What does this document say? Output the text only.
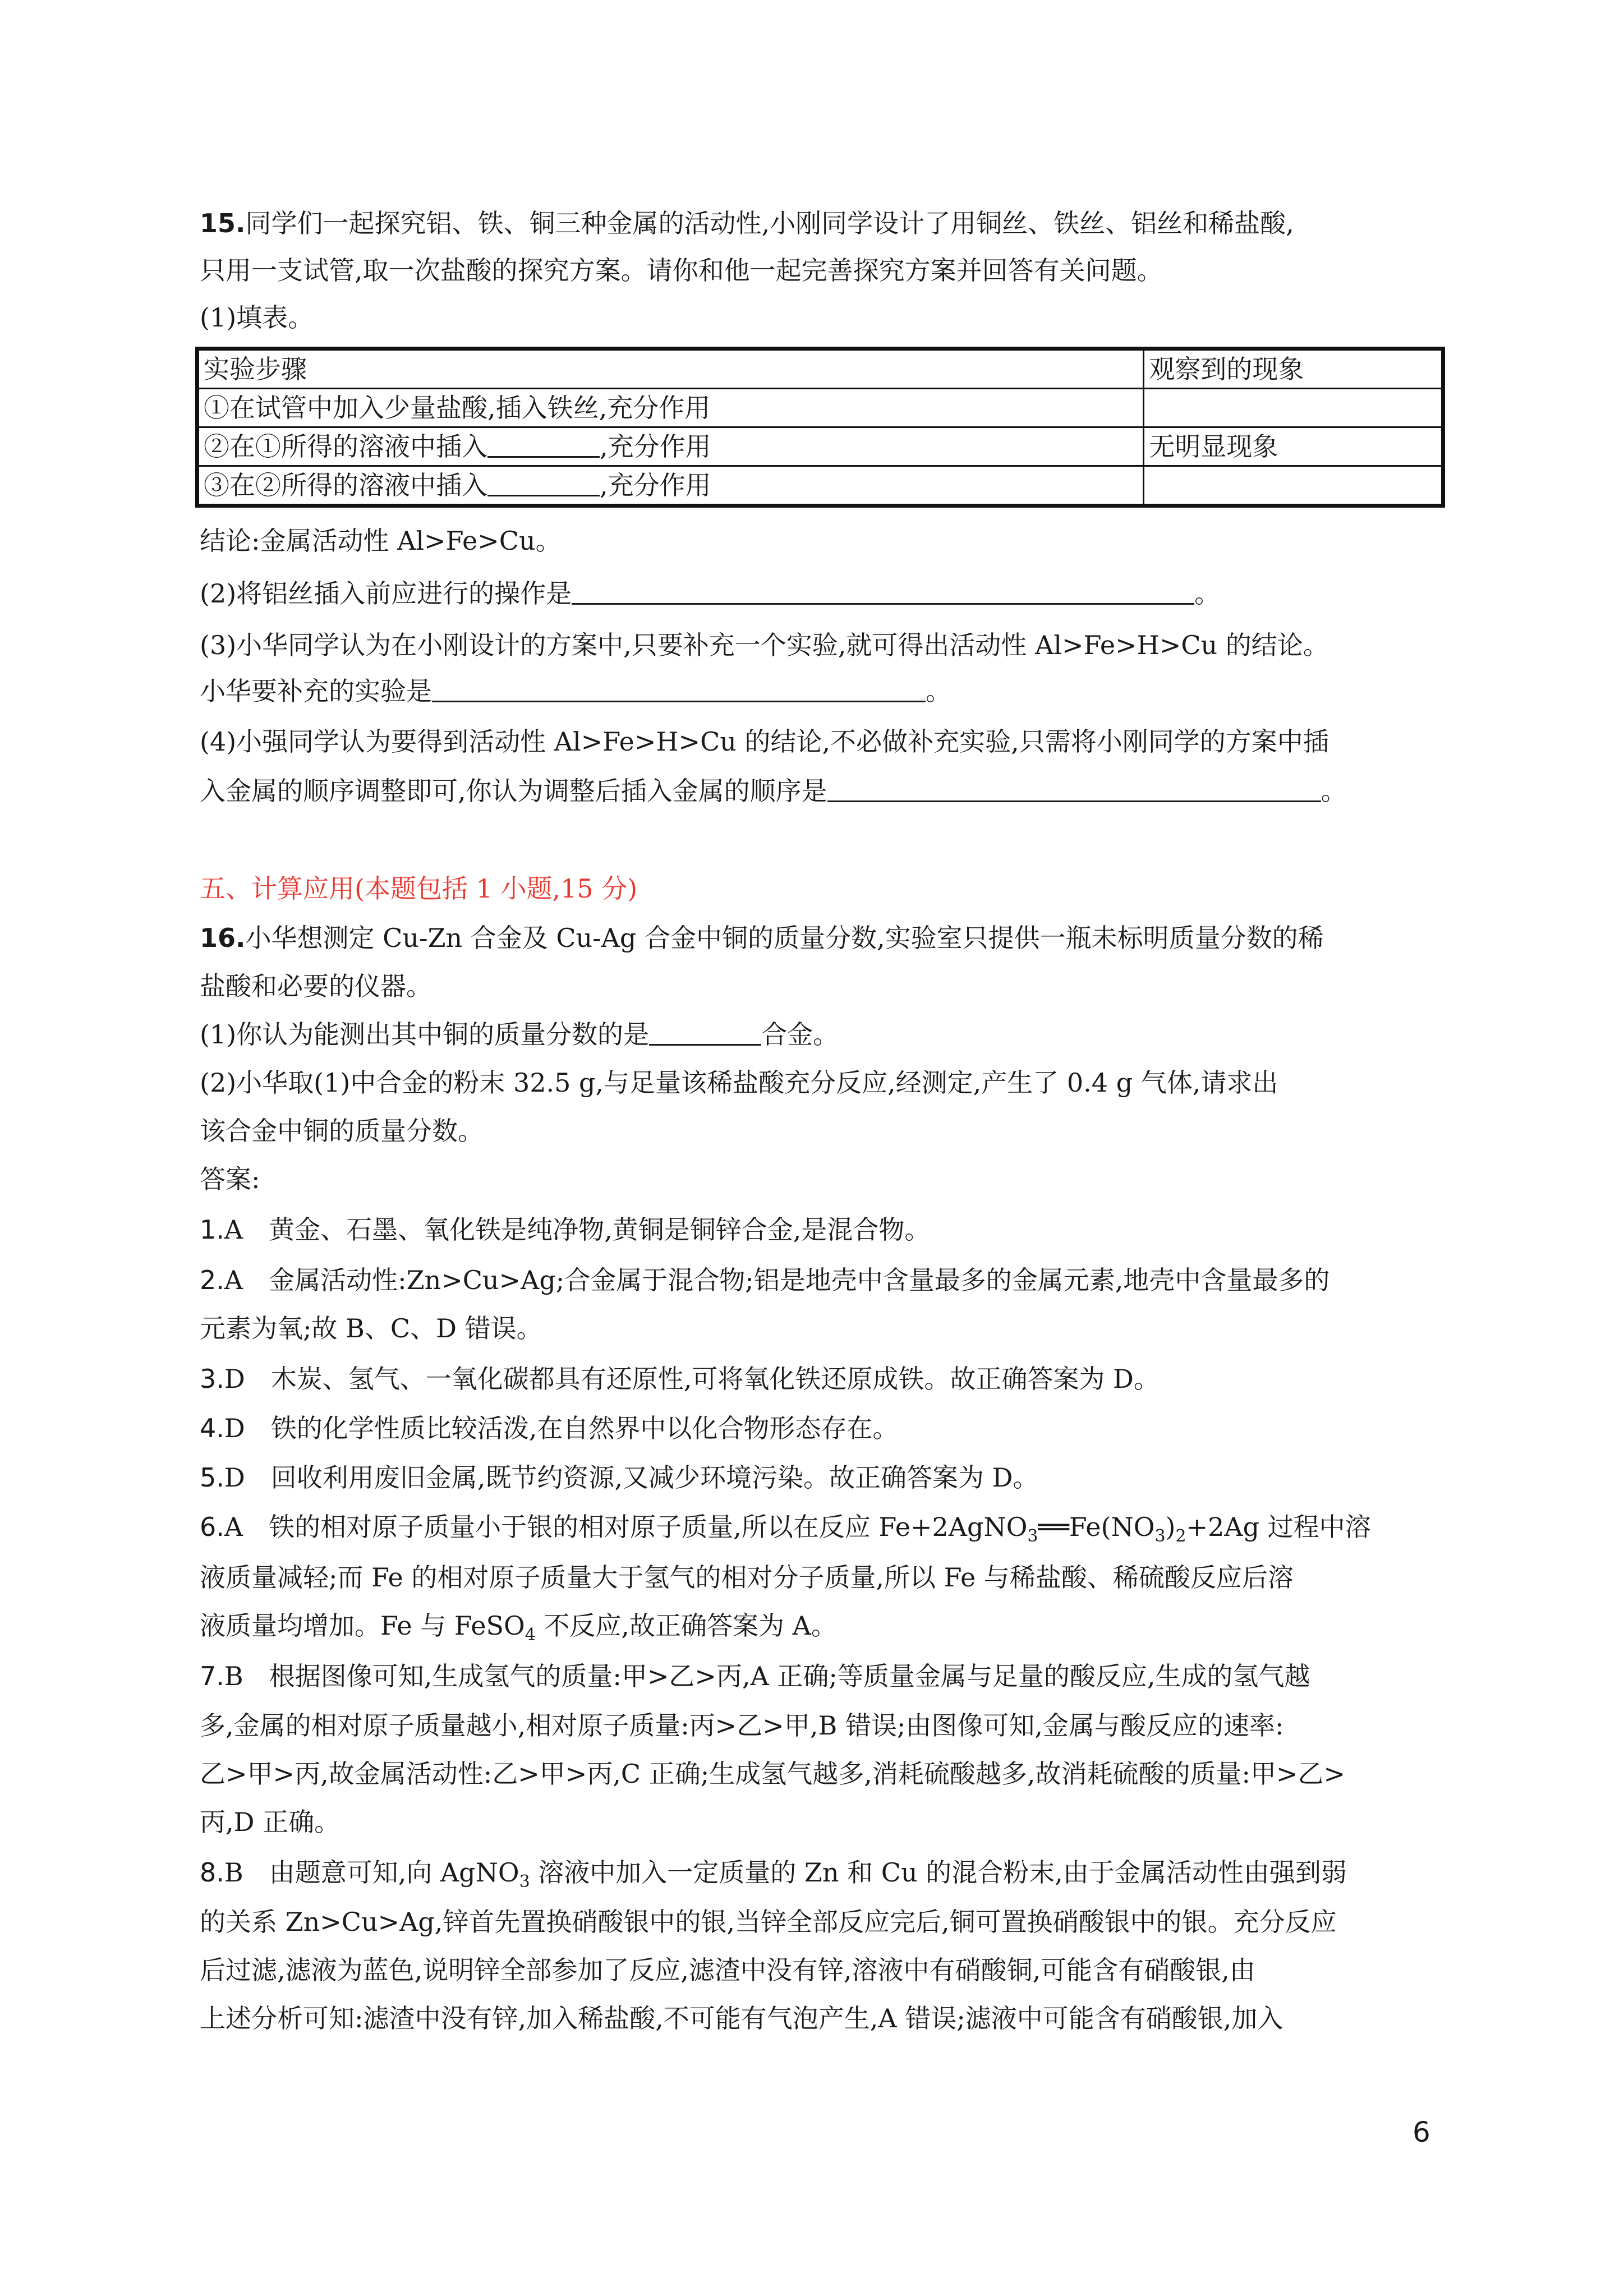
15.同学们一起探究铝、铁、铜三种金属的活动性,小刚同学设计了用铜丝、铁丝、铝丝和稀盐酸,
只用一支试管,取一次盐酸的探究方案。请你和他一起完善探究方案并回答有关问题。
(1)填表。
实验步骤	观察到的现象
①在试管中加入少量盐酸,插入铁丝,充分作用	
②在①所得的溶液中插入 ,充分作用	无明显现象
③在②所得的溶液中插入 ,充分作用	
结论:金属活动性 Al>Fe>Cu。
(2)将铝丝插入前应进行的操作是	。
(3)小华同学认为在小刚设计的方案中,只要补充一个实验,就可得出活动性 Al>Fe>H>Cu 的结论。
小华要补充的实验是	。
(4)小强同学认为要得到活动性 Al>Fe>H>Cu 的结论,不必做补充实验,只需将小刚同学的方案中插
入金属的顺序调整即可,你认为调整后插入金属的顺序是	。
五、计算应用(本题包括 1 小题,15 分)
16.小华想测定 Cu-Zn 合金及 Cu-Ag 合金中铜的质量分数,实验室只提供一瓶未标明质量分数的稀
盐酸和必要的仪器。
(1)你认为能测出其中铜的质量分数的是	合金。
(2)小华取(1)中合金的粉末 32.5 g,与足量该稀盐酸充分反应,经测定,产生了 0.4 g 气体,请求出
该合金中铜的质量分数。
答案:
1.A　黄金、石墨、氧化铁是纯净物,黄铜是铜锌合金,是混合物。
2.A　金属活动性:Zn>Cu>Ag;合金属于混合物;铝是地壳中含量最多的金属元素,地壳中含量最多的
元素为氧;故 B、C、D 错误。
3.D　木炭、氢气、一氧化碳都具有还原性,可将氧化铁还原成铁。故正确答案为 D。
4.D　铁的化学性质比较活泼,在自然界中以化合物形态存在。
5.D　回收利用废旧金属,既节约资源,又减少环境污染。故正确答案为 D。
6.A　铁的相对原子质量小于银的相对原子质量,所以在反应 $Fe+2AgNO_3══Fe(NO_3)_2+2Ag$ 过程中溶
液质量减轻;而 Fe 的相对原子质量大于氢气的相对分子质量,所以 Fe 与稀盐酸、稀硫酸反应后溶
液质量均增加。Fe 与 FeSO$_4$ 不反应,故正确答案为 A。
7.B　根据图像可知,生成氢气的质量:甲>乙>丙,A 正确;等质量金属与足量的酸反应,生成的氢气越
多,金属的相对原子质量越小,相对原子质量:丙>乙>甲,B 错误;由图像可知,金属与酸反应的速率:
乙>甲>丙,故金属活动性:乙>甲>丙,C 正确;生成氢气越多,消耗硫酸越多,故消耗硫酸的质量:甲>乙>
丙,D 正确。
8.B　由题意可知,向 AgNO$_3$ 溶液中加入一定质量的 Zn 和 Cu 的混合粉末,由于金属活动性由强到弱
的关系 Zn>Cu>Ag,锌首先置换硝酸银中的银,当锌全部反应完后,铜可置换硝酸银中的银。充分反应
后过滤,滤液为蓝色,说明锌全部参加了反应,滤渣中没有锌,溶液中有硝酸铜,可能含有硝酸银,由
上述分析可知:滤渣中没有锌,加入稀盐酸,不可能有气泡产生,A 错误;滤液中可能含有硝酸银,加入
6
